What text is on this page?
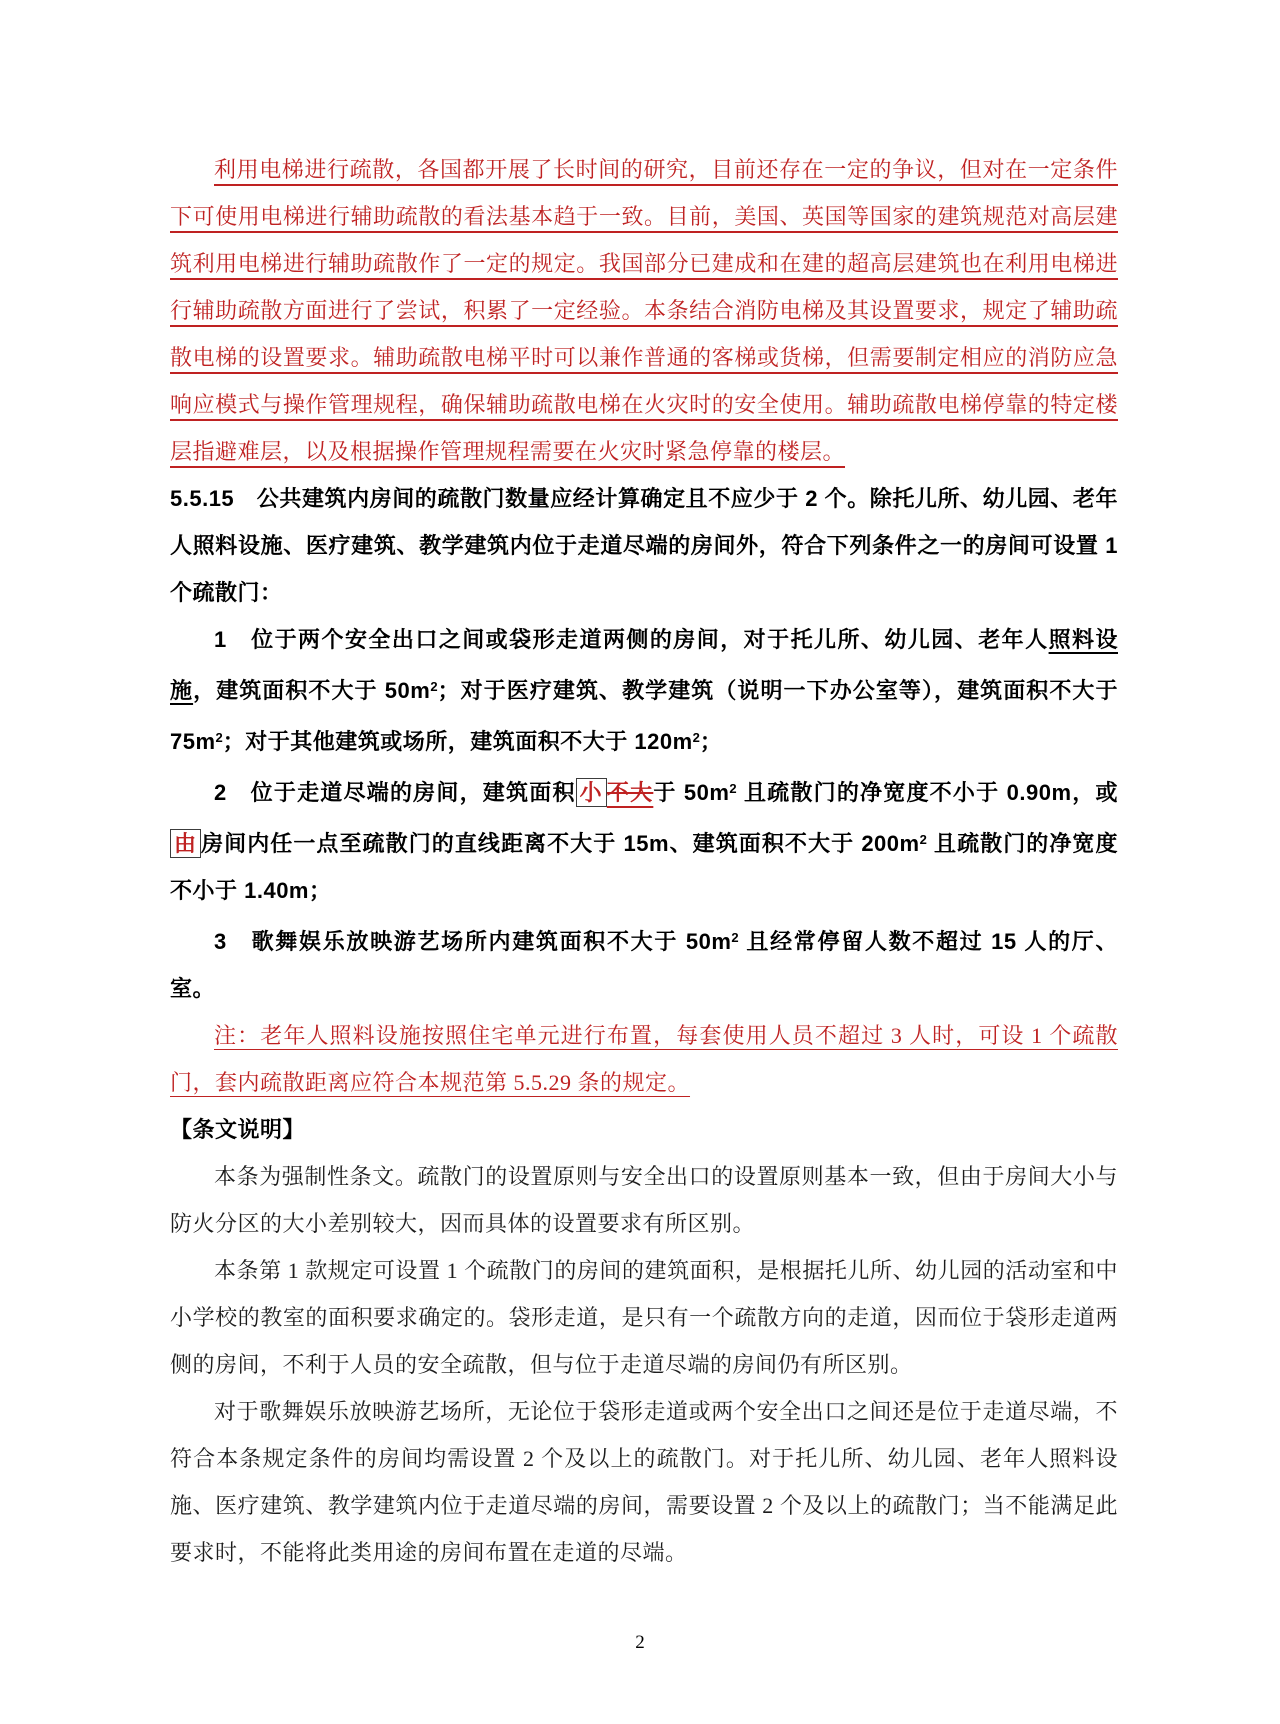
利用电梯进行疏散，各国都开展了长时间的研究，目前还存在一定的争议，但对在一定条件下可使用电梯进行辅助疏散的看法基本趋于一致。目前，美国、英国等国家的建筑规范对高层建筑利用电梯进行辅助疏散作了一定的规定。我国部分已建成和在建的超高层建筑也在利用电梯进行辅助疏散方面进行了尝试，积累了一定经验。本条结合消防电梯及其设置要求，规定了辅助疏散电梯的设置要求。辅助疏散电梯平时可以兼作普通的客梯或货梯，但需要制定相应的消防应急响应模式与操作管理规程，确保辅助疏散电梯在火灾时的安全使用。辅助疏散电梯停靠的特定楼层指避难层，以及根据操作管理规程需要在火灾时紧急停靠的楼层。

5.5.15　公共建筑内房间的疏散门数量应经计算确定且不应少于 2 个。除托儿所、幼儿园、老年人照料设施、医疗建筑、教学建筑内位于走道尽端的房间外，符合下列条件之一的房间可设置 1 个疏散门：

1　位于两个安全出口之间或袋形走道两侧的房间，对于托儿所、幼儿园、老年人照料设施，建筑面积不大于 $50m^2$；对于医疗建筑、教学建筑（说明一下办公室等），建筑面积不大于 $75m^2$；对于其他建筑或场所，建筑面积不大于 $120m^2$；

2　位于走道尽端的房间，建筑面积 小 不大于 $50m^2$ 且疏散门的净宽度不小于 0.90m，或由 房间内任一点至疏散门的直线距离不大于 15m、建筑面积不大于 $200m^2$ 且疏散门的净宽度不小于 1.40m；

3　歌舞娱乐放映游艺场所内建筑面积不大于 $50m^2$ 且经常停留人数不超过 15 人的厅、室。

注：老年人照料设施按照住宅单元进行布置，每套使用人员不超过 3 人时，可设 1 个疏散门，套内疏散距离应符合本规范第 5.5.29 条的规定。

【条文说明】

本条为强制性条文。疏散门的设置原则与安全出口的设置原则基本一致，但由于房间大小与防火分区的大小差别较大，因而具体的设置要求有所区别。

本条第 1 款规定可设置 1 个疏散门的房间的建筑面积，是根据托儿所、幼儿园的活动室和中小学校的教室的面积要求确定的。袋形走道，是只有一个疏散方向的走道，因而位于袋形走道两侧的房间，不利于人员的安全疏散，但与位于走道尽端的房间仍有所区别。

对于歌舞娱乐放映游艺场所，无论位于袋形走道或两个安全出口之间还是位于走道尽端，不符合本条规定条件的房间均需设置 2 个及以上的疏散门。对于托儿所、幼儿园、老年人照料设施、医疗建筑、教学建筑内位于走道尽端的房间，需要设置 2 个及以上的疏散门；当不能满足此要求时，不能将此类用途的房间布置在走道的尽端。

2
